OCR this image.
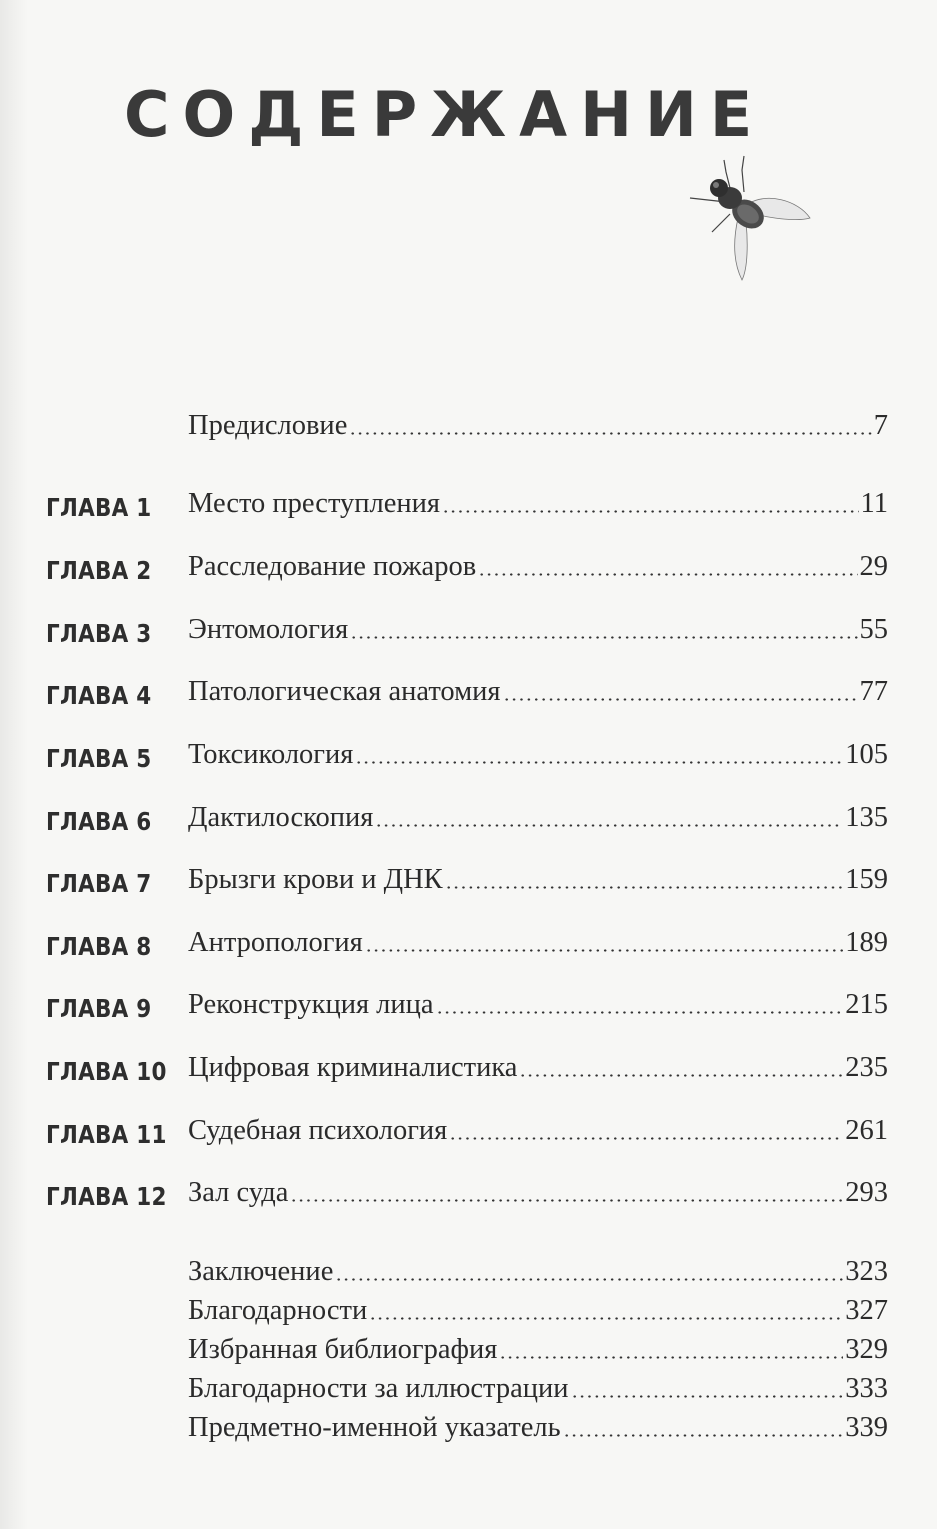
СОДЕРЖАНИЕ
Предисловие	7
ГЛАВА 1 Место преступления	11
ГЛАВА 2 Расследование пожаров	29
ГЛАВА 3 Энтомология	55
ГЛАВА 4 Патологическая анатомия	77
ГЛАВА 5 Токсикология	105
ГЛАВА 6 Дактилоскопия	135
ГЛАВА 7 Брызги крови и ДНК	159
ГЛАВА 8 Антропология	189
ГЛАВА 9 Реконструкция лица	215
ГЛАВА 10 Цифровая криминалистика	235
ГЛАВА 11 Судебная психология	261
ГЛАВА 12 Зал суда	293
Заключение	323
Благодарности	327
Избранная библиография	329
Благодарности за иллюстрации	333
Предметно-именной указатель	339
